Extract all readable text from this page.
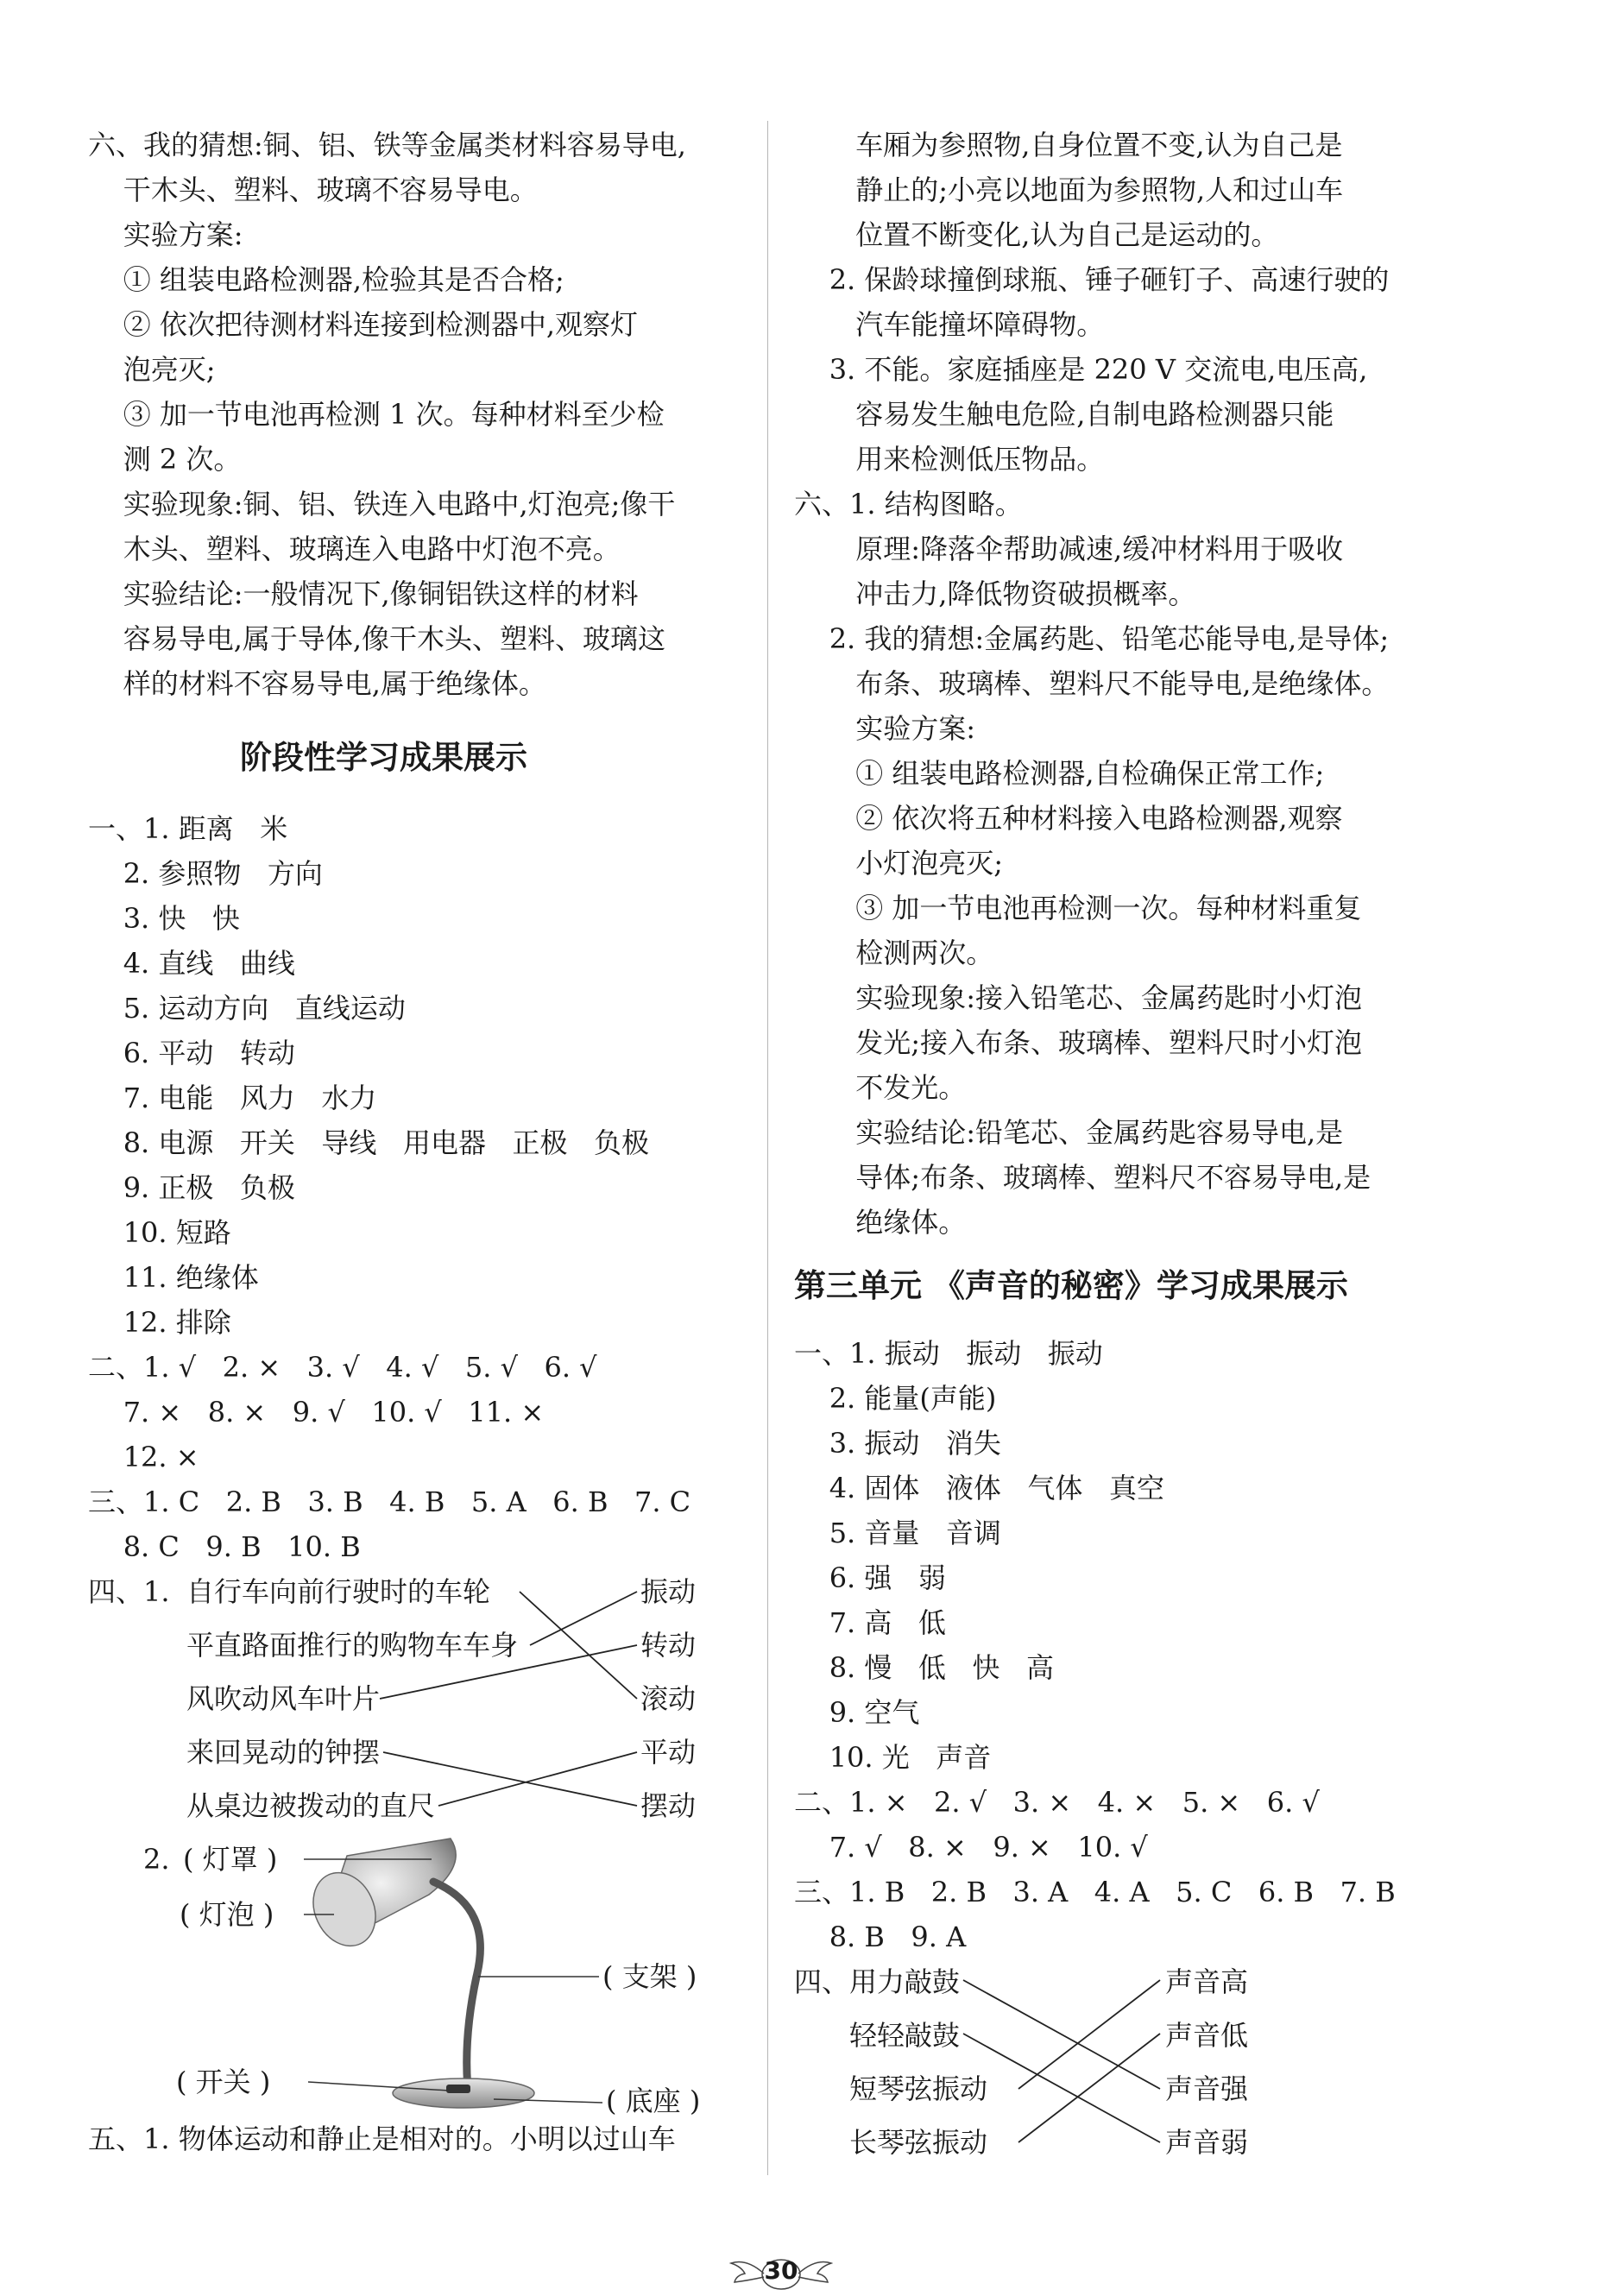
六、我的猜想:铜、铝、铁等金属类材料容易导电,
干木头、塑料、玻璃不容易导电。
实验方案:
① 组装电路检测器,检验其是否合格;
② 依次把待测材料连接到检测器中,观察灯
泡亮灭;
③ 加一节电池再检测 1 次。每种材料至少检
测 2 次。
实验现象:铜、铝、铁连入电路中,灯泡亮;像干
木头、塑料、玻璃连入电路中灯泡不亮。
实验结论:一般情况下,像铜铝铁这样的材料
容易导电,属于导体,像干木头、塑料、玻璃这
样的材料不容易导电,属于绝缘体。
阶段性学习成果展示
一、1. 距离   米
2. 参照物   方向
3. 快   快
4. 直线   曲线
5. 运动方向   直线运动
6. 平动   转动
7. 电能   风力   水力
8. 电源   开关   导线   用电器   正极   负极
9. 正极   负极
10. 短路
11. 绝缘体
12. 排除
二、1. √   2. ×   3. √   4. √   5. √   6. √
7. ×   8. ×   9. √   10. √   11. ×
12. ×
三、1. C   2. B   3. B   4. B   5. A   6. B   7. C
8. C   9. B   10. B
四、1. 自行车向前行驶时的车轮
平直路面推行的购物车车身
风吹动风车叶片
来回晃动的钟摆
从桌边被拨动的直尺
振动
转动
滚动
平动
摆动
2. ( 灯罩 )
( 灯泡 )
( 支架 )
( 开关 )
( 底座 )
五、1. 物体运动和静止是相对的。小明以过山车
车厢为参照物,自身位置不变,认为自己是
静止的;小亮以地面为参照物,人和过山车
位置不断变化,认为自己是运动的。
2. 保龄球撞倒球瓶、锤子砸钉子、高速行驶的
汽车能撞坏障碍物。
3. 不能。家庭插座是 220 V 交流电,电压高,
容易发生触电危险,自制电路检测器只能
用来检测低压物品。
六、1. 结构图略。
原理:降落伞帮助减速,缓冲材料用于吸收
冲击力,降低物资破损概率。
2. 我的猜想:金属药匙、铅笔芯能导电,是导体;
布条、玻璃棒、塑料尺不能导电,是绝缘体。
实验方案:
① 组装电路检测器,自检确保正常工作;
② 依次将五种材料接入电路检测器,观察
小灯泡亮灭;
③ 加一节电池再检测一次。每种材料重复
检测两次。
实验现象:接入铅笔芯、金属药匙时小灯泡
发光;接入布条、玻璃棒、塑料尺时小灯泡
不发光。
实验结论:铅笔芯、金属药匙容易导电,是
导体;布条、玻璃棒、塑料尺不容易导电,是
绝缘体。
第三单元 《声音的秘密》学习成果展示
一、1. 振动   振动   振动
2. 能量(声能)
3. 振动   消失
4. 固体   液体   气体   真空
5. 音量   音调
6. 强   弱
7. 高   低
8. 慢   低   快   高
9. 空气
10. 光   声音
二、1. ×   2. √   3. ×   4. ×   5. ×   6. √
7. √   8. ×   9. ×   10. √
三、1. B   2. B   3. A   4. A   5. C   6. B   7. B
8. B   9. A
四、 用力敲鼓
轻轻敲鼓
短琴弦振动
长琴弦振动
声音高
声音低
声音强
声音弱
30
